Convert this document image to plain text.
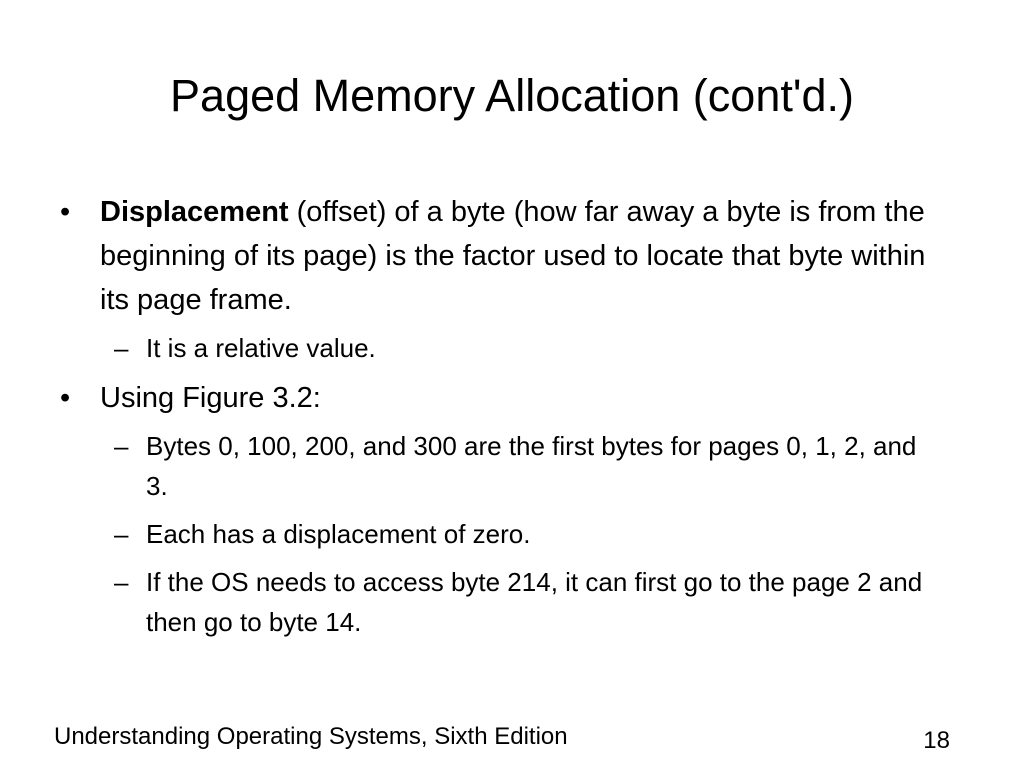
Paged Memory Allocation (cont'd.)
•	Displacement (offset) of a byte (how far away a byte is from the beginning of its page) is the factor used to locate that byte within its page frame.
– It is a relative value.
•	Using Figure 3.2:
– Bytes 0, 100, 200, and 300 are the first bytes for pages 0, 1, 2, and 3.
– Each has a displacement of zero.
– If the OS needs to access byte 214, it can first go to the page 2 and then go to byte 14.
Understanding Operating Systems, Sixth Edition	18
